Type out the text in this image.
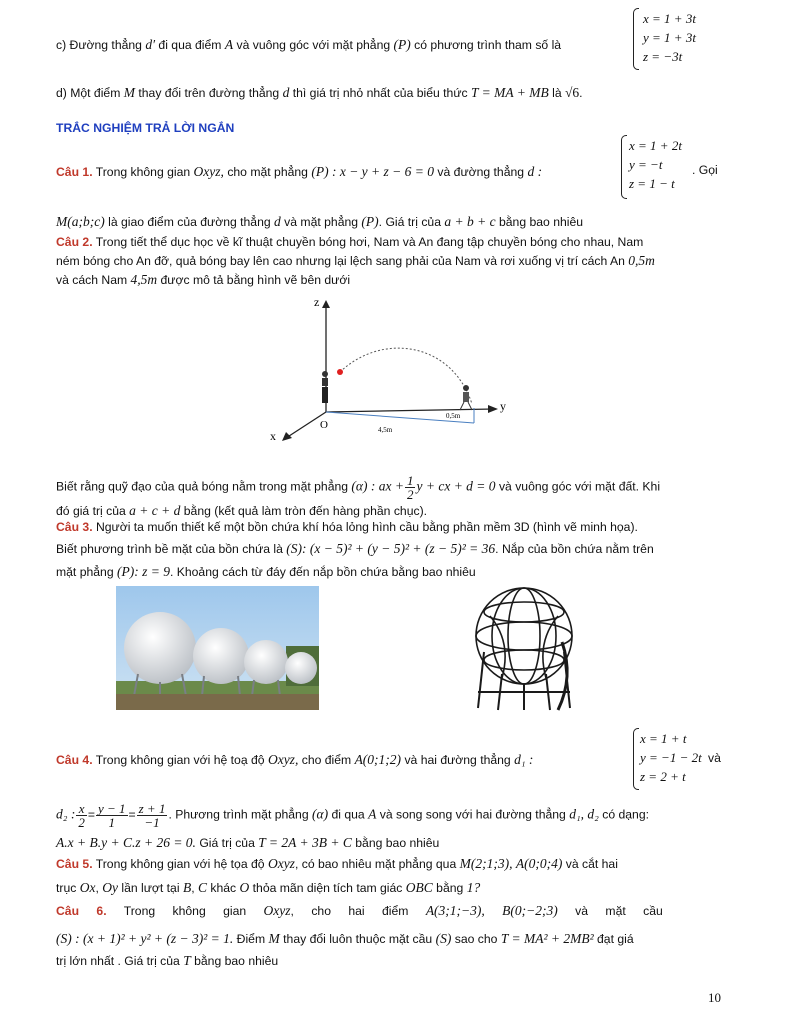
c) Đường thẳng d′ đi qua điểm A và vuông góc với mặt phẳng (P) có phương trình tham số là
x = 1 + 3t
y = 1 + 3t
z = −3t
d) Một điểm M thay đổi trên đường thẳng d thì giá trị nhỏ nhất của biểu thức T = MA + MB là √6.
TRẮC NGHIỆM TRẢ LỜI NGẮN
Câu 1. Trong không gian Oxyz, cho mặt phẳng (P) : x − y + z − 6 = 0 và đường thẳng d :
x = 1 + 2t
y = −t
z = 1 − t
. Gọi
M(a;b;c) là giao điểm của đường thẳng d và mặt phẳng (P). Giá trị của a + b + c bằng bao nhiêu
Câu 2. Trong tiết thể dục học về kĩ thuật chuyền bóng hơi, Nam và An đang tập chuyền bóng cho nhau, Nam
ném bóng cho An đỡ, quả bóng bay lên cao nhưng lại lệch sang phải của Nam và rơi xuống vị trí cách An 0,5m
và cách Nam 4,5m được mô tả bằng hình vẽ bên dưới
z
y
x
O
0,5m
4,5m
Biết rằng quỹ đạo của quả bóng nằm trong mặt phẳng (α) : ax + $\frac{1}{2}$ y + cx + d = 0 và vuông góc với mặt đất. Khi
đó giá trị của a + c + d bằng (kết quả làm tròn đến hàng phần chục).
Câu 3. Người ta muốn thiết kế một bồn chứa khí hóa lỏng hình cầu bằng phần mềm 3D (hình vẽ minh họa).
Biết phương trình bề mặt của bồn chứa là (S): (x − 5)² + (y − 5)² + (z − 5)² = 36. Nắp của bồn chứa nằm trên
mặt phẳng (P): z = 9. Khoảng cách từ đáy đến nắp bồn chứa bằng bao nhiêu
Câu 4. Trong không gian với hệ toạ độ Oxyz, cho điểm A(0;1;2) và hai đường thẳng d₁ :
x = 1 + t
y = −1 − 2t
z = 2 + t
và
d₂ : $\frac{x}{2} = \frac{y - 1}{1} = \frac{z + 1}{-1}$ . Phương trình mặt phẳng (α) đi qua A và song song với hai đường thẳng d₁, d₂ có dạng:
A.x + B.y + C.z + 26 = 0. Giá trị của T = 2A + 3B + C bằng bao nhiêu
Câu 5. Trong không gian với hệ tọa độ Oxyz, có bao nhiêu mặt phẳng qua M(2;1;3), A(0;0;4) và cắt hai
trục Ox, Oy lần lượt tại B, C khác O thỏa mãn diện tích tam giác OBC bằng 1?
Câu 6. Trong không gian Oxyz, cho hai điểm A(3;1;−3), B(0;−2;3) và mặt cầu
(S) : (x + 1)² + y² + (z − 3)² = 1. Điểm M thay đổi luôn thuộc mặt cầu (S) sao cho T = MA² + 2MB² đạt giá
trị lớn nhất . Giá trị của T bằng bao nhiêu
10
